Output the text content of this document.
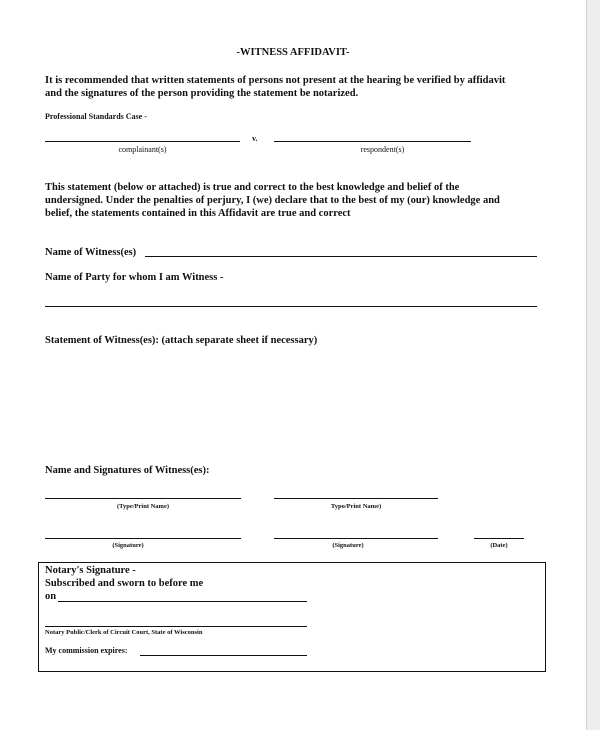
-WITNESS AFFIDAVIT-
It is recommended that written statements of persons not present at the hearing be verified by affidavit
and the signatures of the person providing the statement be notarized.
Professional Standards Case -
v.
complainant(s)	respondent(s)
This statement (below or attached) is true and correct to the best knowledge and belief of the
undersigned. Under the penalties of perjury, I (we) declare that to the best of my (our) knowledge and
belief, the statements contained in this Affidavit are true and correct
Name of Witness(es)
Name of Party for whom I am Witness -
Statement of Witness(es): (attach separate sheet if necessary)
Name and Signatures of Witness(es):
(Type/Print Name)	Typo/Print Name)
(Signature)	(Signature)	(Date)
Notary's Signature -
Subscribed and sworn to before me
on
Notary Public/Clerk of Circuit Court, State of Wisconsin
My commission expires:
